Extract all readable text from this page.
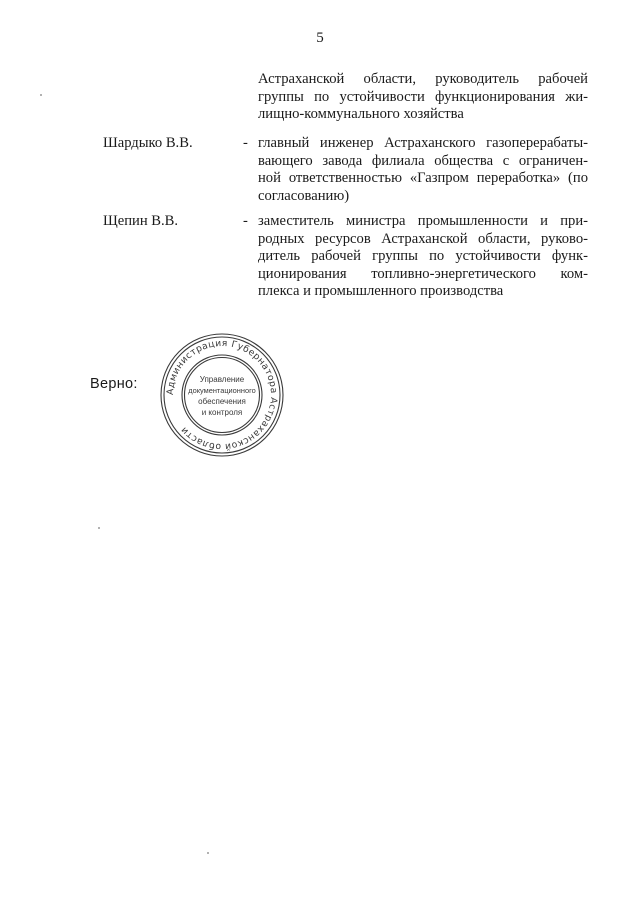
5

Астраханской области, руководитель рабочей
группы по устойчивости функционирования жи-
лищно-коммунального хозяйства

Шардыко В.В.	- главный инженер Астраханского газоперерабаты-
вающего завода филиала общества с ограничен-
ной ответственностью «Газпром переработка» (по
согласованию)

Щепин В.В.	- заместитель министра промышленности и при-
родных ресурсов Астраханской области, руково-
дитель рабочей группы по устойчивости функ-
ционирования топливно-энергетического ком-
плекса и промышленного производства

Верно:	Администрация Губернатора Астраханской области
Управление
документационного
обеспечения
и контроля
